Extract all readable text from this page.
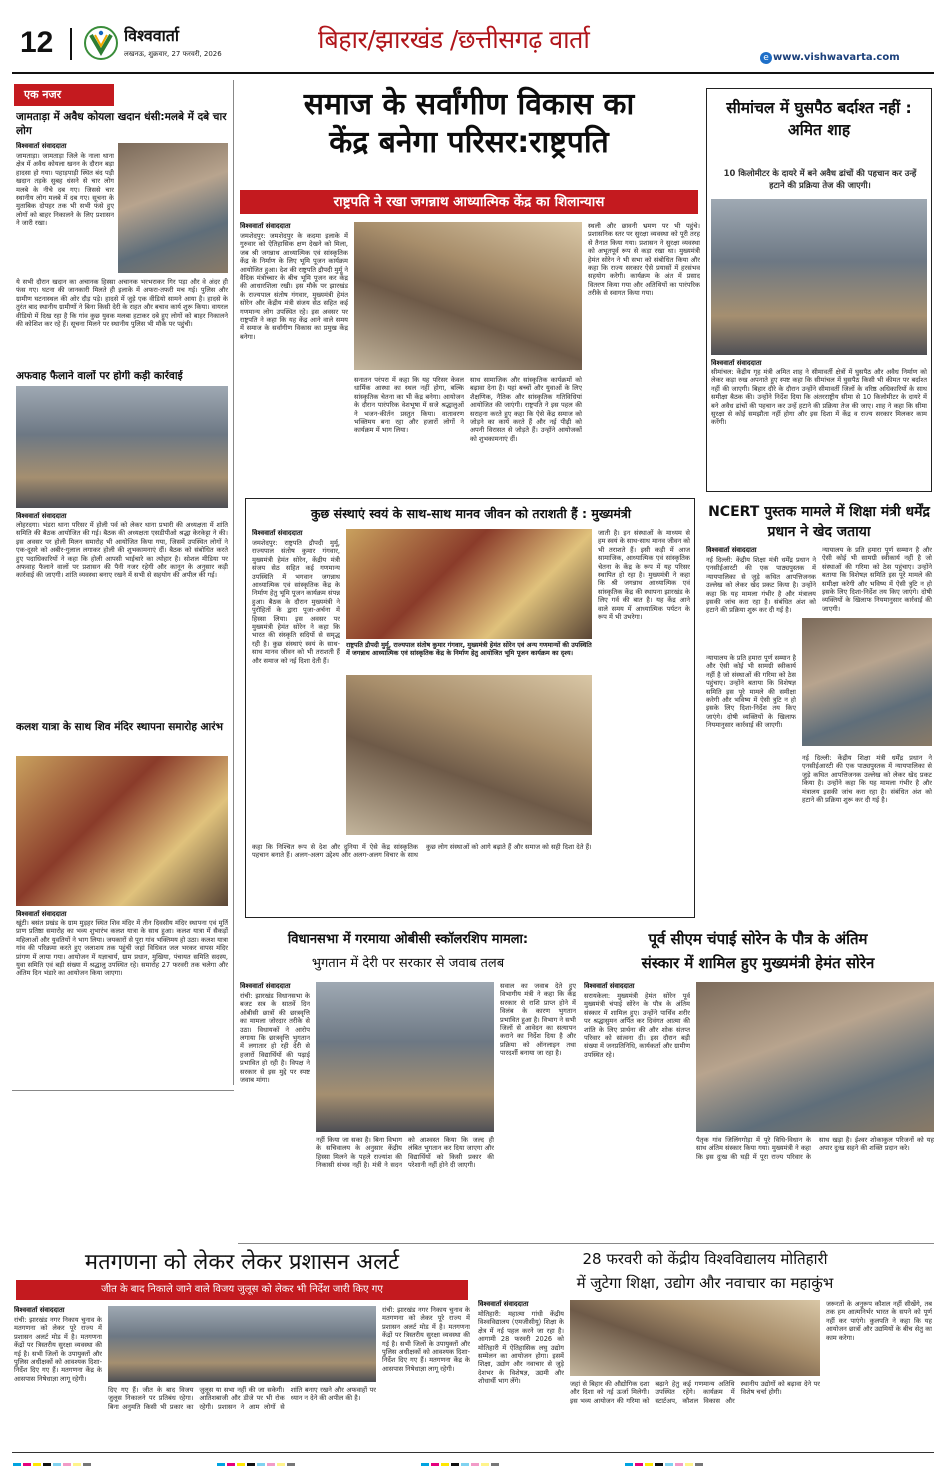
12	विश्ववार्ता
लखनऊ, शुक्रवार, 27 फरवरी, 2026	बिहार/झारखंड /छत्तीसगढ़ वार्ता
e www.vishwavarta.com
एक नजर
जामताड़ा में अवैध कोयला खदान धंसी:मलबे में दबे चार लोग
विश्ववार्ता संवाददाता
जामताड़ा। जामताड़ा जिले के नाला थाना क्षेत्र में अवैध कोयला खनन के दौरान बड़ा हादसा हो गया। पहाड़पाड़ी स्थित बंद पड़ी खदान तड़के सुबह धंसने से चार लोग मलबे के नीचे दब गए। जिससे चार स्थानीय लोग मलबे में दब गए। सूचना के मुताबिक दोपहर तक भी सभी फंसे हुए लोगों को बाहर निकालने के लिए प्रशासन ने जारी रखा।
ये सभी दौरान खदान का अचानक हिस्सा अचानक भरभराकर गिर पड़ा और वे अंदर ही फंस गए। घटना की जानकारी मिलते ही इलाके में अफरा-तफरी मच गई। पुलिस और ग्रामीण घटनास्थल की ओर दौड़ पड़े। हादसे में जुड़े एक वीडियो सामने आया है। हादसे के तुरंत बाद स्थानीय ग्रामीणों ने बिना किसी देरी के राहत और बचाव कार्य शुरू किया। वायरल वीडियो में दिख रहा है कि गांव कुछ युवक मलबा हटाकर दबे हुए लोगों को बाहर निकालने की कोशिश कर रहे हैं। सूचना मिलने पर स्थानीय पुलिस भी मौके पर पहुंची।
अफवाह फैलाने वालों पर होगी कड़ी कार्रवाई
विश्ववार्ता संवाददाता
लोहरदगा। भंडरा थाना परिसर में होली पर्व को लेकर थाना प्रभारी की अध्यक्षता में शांति समिति की बैठक आयोजित की गई। बैठक की अध्यक्षता एसडीपीओ श्रद्धा केरकेट्टा ने की। इस अवसर पर होली मिलन समारोह भी आयोजित किया गया, जिसमें उपस्थित लोगों ने एक-दूसरे को अबीर-गुलाल लगाकर होली की शुभकामनाएं दीं। बैठक को संबोधित करते हुए पदाधिकारियों ने कहा कि होली आपसी भाईचारे का त्योहार है। सोशल मीडिया पर अफवाह फैलाने वालों पर प्रशासन की पैनी नजर रहेगी और कानून के अनुसार कड़ी कार्रवाई की जाएगी। शांति व्यवस्था बनाए रखने में सभी से सहयोग की अपील की गई।
कलश यात्रा के साथ शिव मंदिर स्थापना समारोह आरंभ
विश्ववार्ता संवाददाता
खूंटी। बसंत प्रखंड के ग्राम मुड़हर स्थित शिव मंदिर में तीन दिवसीय मंदिर स्थापना एवं मूर्ति प्राण प्रतिष्ठा समारोह का भव्य शुभारंभ कलश यात्रा के साथ हुआ। कलश यात्रा में सैकड़ों महिलाओं और युवतियों ने भाग लिया। जयकारों से पूरा गांव भक्तिमय हो उठा। कलश यात्रा गांव की परिक्रमा करते हुए जलाशय तक पहुंची जहां विधिवत जल भरकर वापस मंदिर प्रांगण में लाया गया। आयोजन में यज्ञाचार्य, ग्राम प्रधान, मुखिया, पंचायत समिति सदस्य, युवा समिति एवं बड़ी संख्या में श्रद्धालु उपस्थित रहे। समारोह 27 फरवरी तक चलेगा और अंतिम दिन भंडारे का आयोजन किया जाएगा।
समाज के सर्वांगीण विकास का
केंद्र बनेगा परिसर:राष्ट्रपति
राष्ट्रपति ने रखा जगन्नाथ आध्यात्मिक केंद्र का शिलान्यास
विश्ववार्ता संवाददाता
जमशेदपुर: जमशेदपुर के कदमा इलाके में गुरुवार को ऐतिहासिक क्षण देखने को मिला, जब श्री जगन्नाथ आध्यात्मिक एवं सांस्कृतिक केंद्र के निर्माण के लिए भूमि पूजन कार्यक्रम आयोजित हुआ। देश की राष्ट्रपति द्रौपदी मुर्मू ने वैदिक मंत्रोच्चार के बीच भूमि पूजन कर केंद्र की आधारशिला रखी। इस मौके पर झारखंड के राज्यपाल संतोष गंगवार, मुख्यमंत्री हेमंत सोरेन और केंद्रीय मंत्री संजय सेठ सहित कई गणमान्य लोग उपस्थित रहे। इस अवसर पर राष्ट्रपति ने कहा कि यह केंद्र आने वाले समय में समाज के सर्वांगीण विकास का प्रमुख केंद्र बनेगा।
सनातन परंपरा में कहा कि यह परिसर केवल धार्मिक आस्था का स्थल नहीं होगा, बल्कि सांस्कृतिक चेतना का भी केंद्र बनेगा। आयोजन के दौरान पारंपरिक वेशभूषा में सजे श्रद्धालुओं ने भजन-कीर्तन प्रस्तुत किया। वातावरण भक्तिमय बना रहा और हजारों लोगों ने कार्यक्रम में भाग लिया।
साथ सामाजिक और सांस्कृतिक कार्यक्रमों को बढ़ावा देना है। यहां बच्चों और युवाओं के लिए शैक्षणिक, नैतिक और सांस्कृतिक गतिविधियां आयोजित की जाएंगी। राष्ट्रपति ने इस पहल की सराहना करते हुए कहा कि ऐसे केंद्र समाज को जोड़ने का कार्य करते हैं और नई पीढ़ी को अपनी विरासत से जोड़ते हैं। उन्होंने आयोजकों को शुभकामनाएं दीं।
स्थली और छावनी भ्रमण पर भी पहुंचे। प्रशासनिक स्तर पर सुरक्षा व्यवस्था को पूरी तरह से तैनात किया गया। प्रशासन ने सुरक्षा व्यवस्था को अभूतपूर्व रूप से कड़ा रखा था। मुख्यमंत्री हेमंत सोरेन ने भी सभा को संबोधित किया और कहा कि राज्य सरकार ऐसे प्रयासों में हरसंभव सहयोग करेगी। कार्यक्रम के अंत में प्रसाद वितरण किया गया और अतिथियों का पारंपरिक तरीके से स्वागत किया गया।
सीमांचल में घुसपैठ बर्दाश्त नहीं : अमित शाह
10 किलोमीटर के दायरे में बने अवैध ढांचों की पहचान कर उन्हें हटाने की प्रक्रिया तेज की जाएगी।
विश्ववार्ता संवाददाता
सीमांचल: केंद्रीय गृह मंत्री अमित शाह ने सीमावर्ती क्षेत्रों में घुसपैठ और अवैध निर्माण को लेकर कड़ा रुख अपनाते हुए स्पष्ट कहा कि सीमांचल में घुसपैठ किसी भी कीमत पर बर्दाश्त नहीं की जाएगी। बिहार दौरे के दौरान उन्होंने सीमावर्ती जिलों के वरिष्ठ अधिकारियों के साथ समीक्षा बैठक की। उन्होंने निर्देश दिया कि अंतरराष्ट्रीय सीमा से 10 किलोमीटर के दायरे में बने अवैध ढांचों की पहचान कर उन्हें हटाने की प्रक्रिया तेज की जाए। शाह ने कहा कि सीमा सुरक्षा से कोई समझौता नहीं होगा और इस दिशा में केंद्र व राज्य सरकार मिलकर काम करेंगी।
कुछ संस्थाएं स्वयं के साथ-साथ मानव जीवन को तराशती हैं : मुख्यमंत्री
विश्ववार्ता संवाददाता
जमशेदपुर: राष्ट्रपति द्रौपदी मुर्मू, राज्यपाल संतोष कुमार गंगवार, मुख्यमंत्री हेमंत सोरेन, केंद्रीय मंत्री संजय सेठ सहित कई गणमान्य उपस्थिति में भगवान जगन्नाथ आध्यात्मिक एवं सांस्कृतिक केंद्र के निर्माण हेतु भूमि पूजन कार्यक्रम संपन्न हुआ। बैठक के दौरान मुख्यमंत्री ने पुरोहितों के द्वारा पूजा-अर्चना में हिस्सा लिया। इस अवसर पर मुख्यमंत्री हेमंत सोरेन ने कहा कि भारत की संस्कृति सदियों से समृद्ध रही है। कुछ संस्थाएं स्वयं के साथ-साथ मानव जीवन को भी तराशती हैं और समाज को नई दिशा देती हैं।
राष्ट्रपति द्रौपदी मुर्मू, राज्यपाल संतोष कुमार गंगवार, मुख्यमंत्री हेमंत सोरेन एवं अन्य गणमान्यों की उपस्थिति में जगन्नाथ आध्यात्मिक एवं सांस्कृतिक केंद्र के निर्माण हेतु आयोजित भूमि पूजन कार्यक्रम का दृश्य।
जाती है। इन संस्थाओं के माध्यम से हम स्वयं के साथ-साथ मानव जीवन को भी तराशते हैं। इसी कड़ी में आज सामाजिक, आध्यात्मिक एवं सांस्कृतिक चेतना के केंद्र के रूप में यह परिसर स्थापित हो रहा है। मुख्यमंत्री ने कहा कि श्री जगन्नाथ आध्यात्मिक एवं सांस्कृतिक केंद्र की स्थापना झारखंड के लिए गर्व की बात है। यह केंद्र आने वाले समय में आध्यात्मिक पर्यटन के रूप में भी उभरेगा।
कहा कि निश्चित रूप से देश और दुनिया में ऐसे केंद्र सांस्कृतिक पहचान बनाते हैं। अलग-अलग उद्देश्य और अलग-अलग विचार के साथ कुछ लोग संस्थाओं को आगे बढ़ाते हैं और समाज को सही दिशा देते हैं।
NCERT पुस्तक मामले में शिक्षा मंत्री धर्मेंद्र प्रधान ने खेद जताया
विश्ववार्ता संवाददाता
नई दिल्ली: केंद्रीय शिक्षा मंत्री धर्मेंद्र प्रधान ने एनसीईआरटी की एक पाठ्यपुस्तक में न्यायपालिका से जुड़े कथित आपत्तिजनक उल्लेख को लेकर खेद प्रकट किया है। उन्होंने कहा कि यह मामला गंभीर है और मंत्रालय इसकी जांच करा रहा है। संबंधित अंश को हटाने की प्रक्रिया शुरू कर दी गई है।
न्यायालय के प्रति हमारा पूर्ण सम्मान है और ऐसी कोई भी सामग्री स्वीकार्य नहीं है जो संस्थाओं की गरिमा को ठेस पहुंचाए। उन्होंने बताया कि विशेषज्ञ समिति इस पूरे मामले की समीक्षा करेगी और भविष्य में ऐसी त्रुटि न हो इसके लिए दिशा-निर्देश तय किए जाएंगे। दोषी व्यक्तियों के खिलाफ नियमानुसार कार्रवाई की जाएगी।
न्यायालय के प्रति हमारा पूर्ण सम्मान है और ऐसी कोई भी सामग्री स्वीकार्य नहीं है जो संस्थाओं की गरिमा को ठेस पहुंचाए। उन्होंने बताया कि विशेषज्ञ समिति इस पूरे मामले की समीक्षा करेगी और भविष्य में ऐसी त्रुटि न हो इसके लिए दिशा-निर्देश तय किए जाएंगे। दोषी व्यक्तियों के खिलाफ नियमानुसार कार्रवाई की जाएगी।
नई दिल्ली: केंद्रीय शिक्षा मंत्री धर्मेंद्र प्रधान ने एनसीईआरटी की एक पाठ्यपुस्तक में न्यायपालिका से जुड़े कथित आपत्तिजनक उल्लेख को लेकर खेद प्रकट किया है। उन्होंने कहा कि यह मामला गंभीर है और मंत्रालय इसकी जांच करा रहा है। संबंधित अंश को हटाने की प्रक्रिया शुरू कर दी गई है।
विधानसभा में गरमाया ओबीसी स्कॉलरशिप मामला:
भुगतान में देरी पर सरकार से जवाब तलब
विश्ववार्ता संवाददाता
रांची: झारखंड विधानसभा के बजट सत्र के सातवें दिन ओबीसी छात्रों की छात्रवृत्ति का मामला जोरदार तरीके से उठा। विधायकों ने आरोप लगाया कि छात्रवृत्ति भुगतान में लगातार हो रही देरी से हजारों विद्यार्थियों की पढ़ाई प्रभावित हो रही है। विपक्ष ने सरकार से इस मुद्दे पर स्पष्ट जवाब मांगा।
नहीं किया जा सका है। बिना विभाग के सचिवालय के अनुसार केंद्रीय हिस्सा मिलने के पहले राज्यांश की निकासी संभव नहीं है। मंत्री ने सदन को आश्वस्त किया कि जल्द ही लंबित भुगतान कर दिया जाएगा और विद्यार्थियों को किसी प्रकार की परेशानी नहीं होने दी जाएगी।
सवाल का जवाब देते हुए विभागीय मंत्री ने कहा कि केंद्र सरकार से राशि प्राप्त होने में विलंब के कारण भुगतान प्रभावित हुआ है। विभाग ने सभी जिलों से आवेदन का सत्यापन कराने का निर्देश दिया है और प्रक्रिया को ऑनलाइन तथा पारदर्शी बनाया जा रहा है।
पूर्व सीएम चंपाई सोरेन के पौत्र के अंतिम
संस्कार में शामिल हुए मुख्यमंत्री हेमंत सोरेन
विश्ववार्ता संवाददाता
सरायकेला: मुख्यमंत्री हेमंत सोरेन पूर्व मुख्यमंत्री चंपाई सोरेन के पौत्र के अंतिम संस्कार में शामिल हुए। उन्होंने पार्थिव शरीर पर श्रद्धासुमन अर्पित कर दिवंगत आत्मा की शांति के लिए प्रार्थना की और शोक संतप्त परिवार को सांत्वना दी। इस दौरान बड़ी संख्या में जनप्रतिनिधि, कार्यकर्ता और ग्रामीण उपस्थित रहे।
पैतृक गांव जिलिंगगोड़ा में पूरे विधि-विधान के साथ अंतिम संस्कार किया गया। मुख्यमंत्री ने कहा कि इस दुःख की घड़ी में पूरा राज्य परिवार के साथ खड़ा है। ईश्वर शोकाकुल परिजनों को यह अपार दुःख सहने की शक्ति प्रदान करे।
मतगणना को लेकर लेकर प्रशासन अलर्ट
जीत के बाद निकाले जाने वाले विजय जुलूस को लेकर भी निर्देश जारी किए गए
विश्ववार्ता संवाददाता
रांची: झारखंड नगर निकाय चुनाव के मतगणना को लेकर पूरे राज्य में प्रशासन अलर्ट मोड में है। मतगणना केंद्रों पर त्रिस्तरीय सुरक्षा व्यवस्था की गई है। सभी जिलों के उपायुक्तों और पुलिस अधीक्षकों को आवश्यक दिशा-निर्देश दिए गए हैं। मतगणना केंद्र के आसपास निषेधाज्ञा लागू रहेगी।
दिए गए हैं। जीत के बाद विजय जुलूस निकालने पर प्रतिबंध रहेगा। बिना अनुमति किसी भी प्रकार का जुलूस या सभा नहीं की जा सकेगी। आतिशबाजी और डीजे पर भी रोक रहेगी। प्रशासन ने आम लोगों से शांति बनाए रखने और अफवाहों पर ध्यान न देने की अपील की है।
रांची: झारखंड नगर निकाय चुनाव के मतगणना को लेकर पूरे राज्य में प्रशासन अलर्ट मोड में है। मतगणना केंद्रों पर त्रिस्तरीय सुरक्षा व्यवस्था की गई है। सभी जिलों के उपायुक्तों और पुलिस अधीक्षकों को आवश्यक दिशा-निर्देश दिए गए हैं। मतगणना केंद्र के आसपास निषेधाज्ञा लागू रहेगी।
28 फरवरी को केंद्रीय विश्वविद्यालय मोतिहारी
में जुटेगा शिक्षा, उद्योग और नवाचार का महाकुंभ
विश्ववार्ता संवाददाता
मोतिहारी: महात्मा गांधी केंद्रीय विश्वविद्यालय (एमजीसीयू) शिक्षा के क्षेत्र में नई पहल करने जा रहा है। आगामी 28 फरवरी 2026 को मोतिहारी में ऐतिहासिक लघु उद्योग सम्मेलन का आयोजन होगा। इसमें शिक्षा, उद्योग और नवाचार से जुड़े देशभर के विशेषज्ञ, उद्यमी और शोधार्थी भाग लेंगे।	जहां से बिहार की औद्योगिक दशा और दिशा को नई ऊर्जा मिलेगी। इस भव्य आयोजन की गरिमा को बढ़ाने हेतु कई गणमान्य अतिथि उपस्थित रहेंगे। कार्यक्रम में स्टार्टअप, कौशल विकास और स्थानीय उद्योगों को बढ़ावा देने पर विशेष चर्चा होगी।
जरूरतों के अनुरूप कौशल नहीं सीखेंगे, तब तक हम आत्मनिर्भर भारत के सपने को पूर्ण नहीं कर पाएंगे। कुलपति ने कहा कि यह आयोजन छात्रों और उद्यमियों के बीच सेतु का काम करेगा।
